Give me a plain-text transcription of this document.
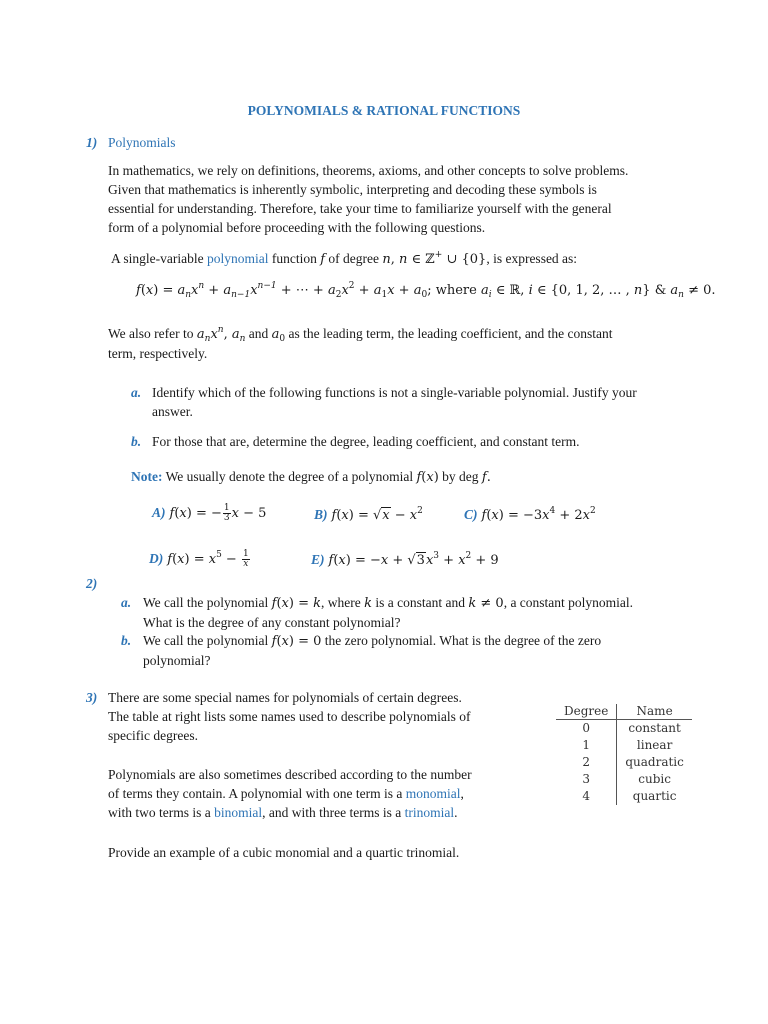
POLYNOMIALS & RATIONAL FUNCTIONS
1) Polynomials
In mathematics, we rely on definitions, theorems, axioms, and other concepts to solve problems.
Given that mathematics is inherently symbolic, interpreting and decoding these symbols is
essential for understanding. Therefore, take your time to familiarize yourself with the general
form of a polynomial before proceeding with the following questions.
A single-variable polynomial function f of degree n, n ∈ ℤ+ ∪ {0}, is expressed as:
$f(x) = a_nx^n + a_{n-1}x^{n-1}$ + ⋯ + $a_2x^2 + a_1x + a_0$; where $a_i$ ∈ ℝ, i ∈ {0, 1, 2, … , n} & $a_n \ne 0$.
We also refer to $a_nx^n$, $a_n$ and $a_0$ as the leading term, the leading coefficient, and the constant
term, respectively.
a. Identify which of the following functions is not a single-variable polynomial. Justify your
answer.
b. For those that are, determine the degree, leading coefficient, and constant term.
Note: We usually denote the degree of a polynomial f(x) by deg f.
A) f(x) = − $\frac{1}{3}$ x − 5	B) $f(x) = √x - x^2$	C) $f(x) = -3x^4 + 2x^2$
D) $f(x) = x^5 - \frac{1}{x}$	E) $f(x) = -x + √3x^3 + x^2 + 9$
2)
a. We call the polynomial f(x) = k, where k is a constant and k ≠ 0, a constant polynomial.
What is the degree of any constant polynomial?
b. We call the polynomial f(x) = 0 the zero polynomial. What is the degree of the zero
polynomial?
3) There are some special names for polynomials of certain degrees.
The table at right lists some names used to describe polynomials of
specific degrees.
Polynomials are also sometimes described according to the number
of terms they contain. A polynomial with one term is a monomial,
with two terms is a binomial, and with three terms is a trinomial.
Provide an example of a cubic monomial and a quartic trinomial.
Degree	Name
0	constant
1	linear
2	quadratic
3	cubic
4	quartic
